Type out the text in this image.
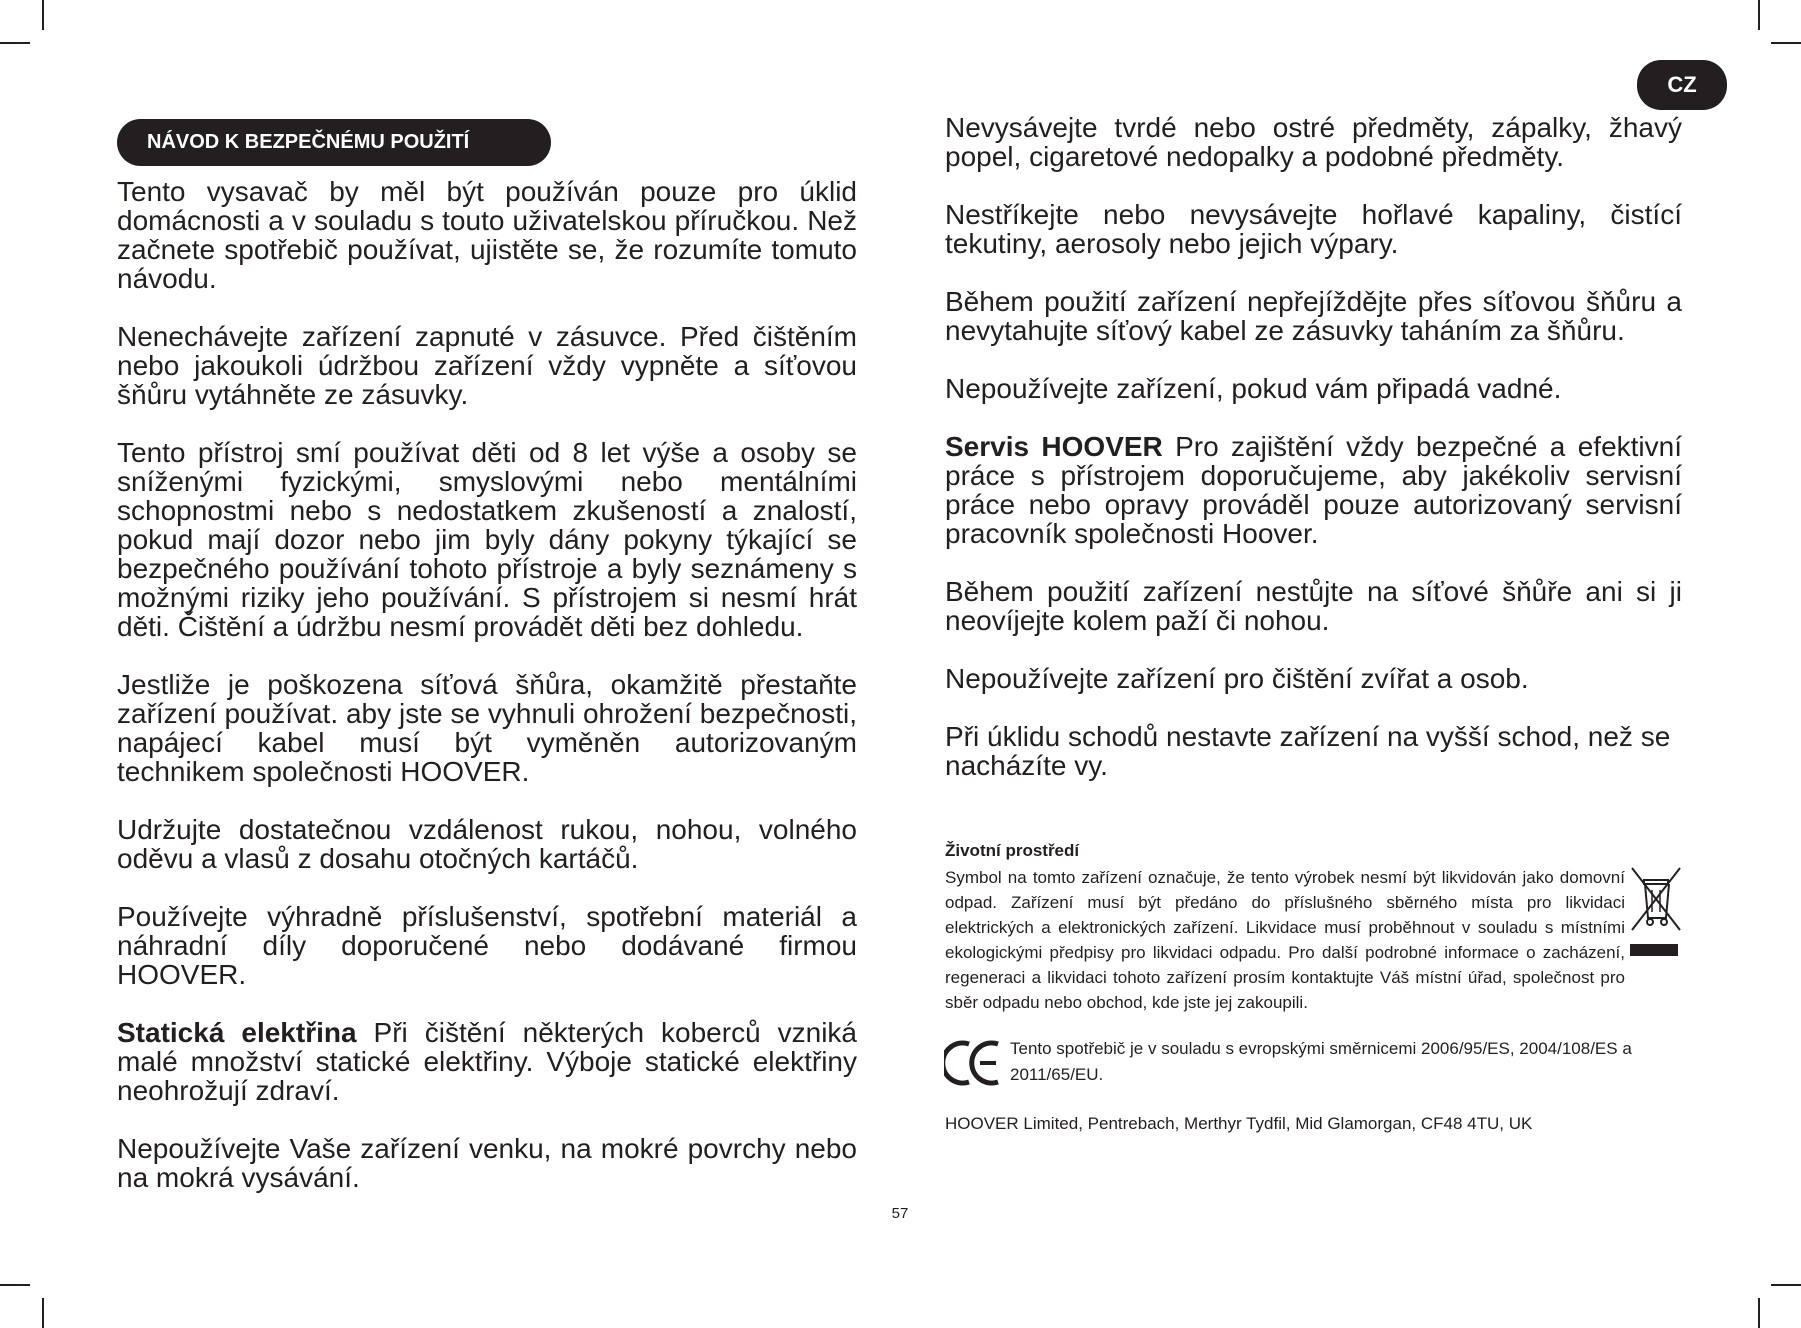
CZ
NÁVOD K BEZPEČNÉMU POUŽITÍ

Tento vysavač by měl být používán pouze pro úklid domácnosti a v souladu s touto uživatelskou příručkou. Než začnete spotřebič používat, ujistěte se, že rozumíte tomuto návodu.

Nenechávejte zařízení zapnuté v zásuvce. Před čištěním nebo jakoukoli údržbou zařízení vždy vypněte a síťovou šňůru vytáhněte ze zásuvky.

Tento přístroj smí používat děti od 8 let výše a osoby se sníženými fyzickými, smyslovými nebo mentálními schopnostmi nebo s nedostatkem zkušeností a znalostí, pokud mají dozor nebo jim byly dány pokyny týkající se bezpečného používání tohoto přístroje a byly seznámeny s možnými riziky jeho používání. S přístrojem si nesmí hrát děti. Čištění a údržbu nesmí provádět děti bez dohledu.

Jestliže je poškozena síťová šňůra, okamžitě přestaňte zařízení používat. aby jste se vyhnuli ohrožení bezpečnosti, napájecí kabel musí být vyměněn autorizovaným technikem společnosti HOOVER.

Udržujte dostatečnou vzdálenost rukou, nohou, volného oděvu a vlasů z dosahu otočných kartáčů.

Používejte výhradně příslušenství, spotřební materiál a náhradní díly doporučené nebo dodávané firmou HOOVER.

Statická elektřina Při čištění některých koberců vzniká malé množství statické elektřiny. Výboje statické elektřiny neohrožují zdraví.

Nepoužívejte Vaše zařízení venku, na mokré povrchy nebo na mokrá vysávání.

Nevysávejte tvrdé nebo ostré předměty, zápalky, žhavý popel, cigaretové nedopalky a podobné předměty.

Nestříkejte nebo nevysávejte hořlavé kapaliny, čistící tekutiny, aerosoly nebo jejich výpary.

Během použití zařízení nepřejíždějte přes síťovou šňůru a nevytahujte síťový kabel ze zásuvky taháním za šňůru.

Nepoužívejte zařízení, pokud vám připadá vadné.

Servis HOOVER Pro zajištění vždy bezpečné a efektivní práce s přístrojem doporučujeme, aby jakékoliv servisní práce nebo opravy prováděl pouze autorizovaný servisní pracovník společnosti Hoover.

Během použití zařízení nestůjte na síťové šňůře ani si ji neovíjejte kolem paží či nohou.

Nepoužívejte zařízení pro čištění zvířat a osob.

Při úklidu schodů nestavte zařízení na vyšší schod, než se nacházíte vy.

Životní prostředí

Symbol na tomto zařízení označuje, že tento výrobek nesmí být likvidován jako domovní odpad. Zařízení musí být předáno do příslušného sběrného místa pro likvidaci elektrických a elektronických zařízení. Likvidace musí proběhnout v souladu s místními ekologickými předpisy pro likvidaci odpadu. Pro další podrobné informace o zacházení, regeneraci a likvidaci tohoto zařízení prosím kontaktujte Váš místní úřad, společnost pro sběr odpadu nebo obchod, kde jste jej zakoupili.

Tento spotřebič je v souladu s evropskými směrnicemi 2006/95/ES, 2004/108/ES a 2011/65/EU.

HOOVER Limited, Pentrebach, Merthyr Tydfil, Mid Glamorgan, CF48 4TU, UK

57
